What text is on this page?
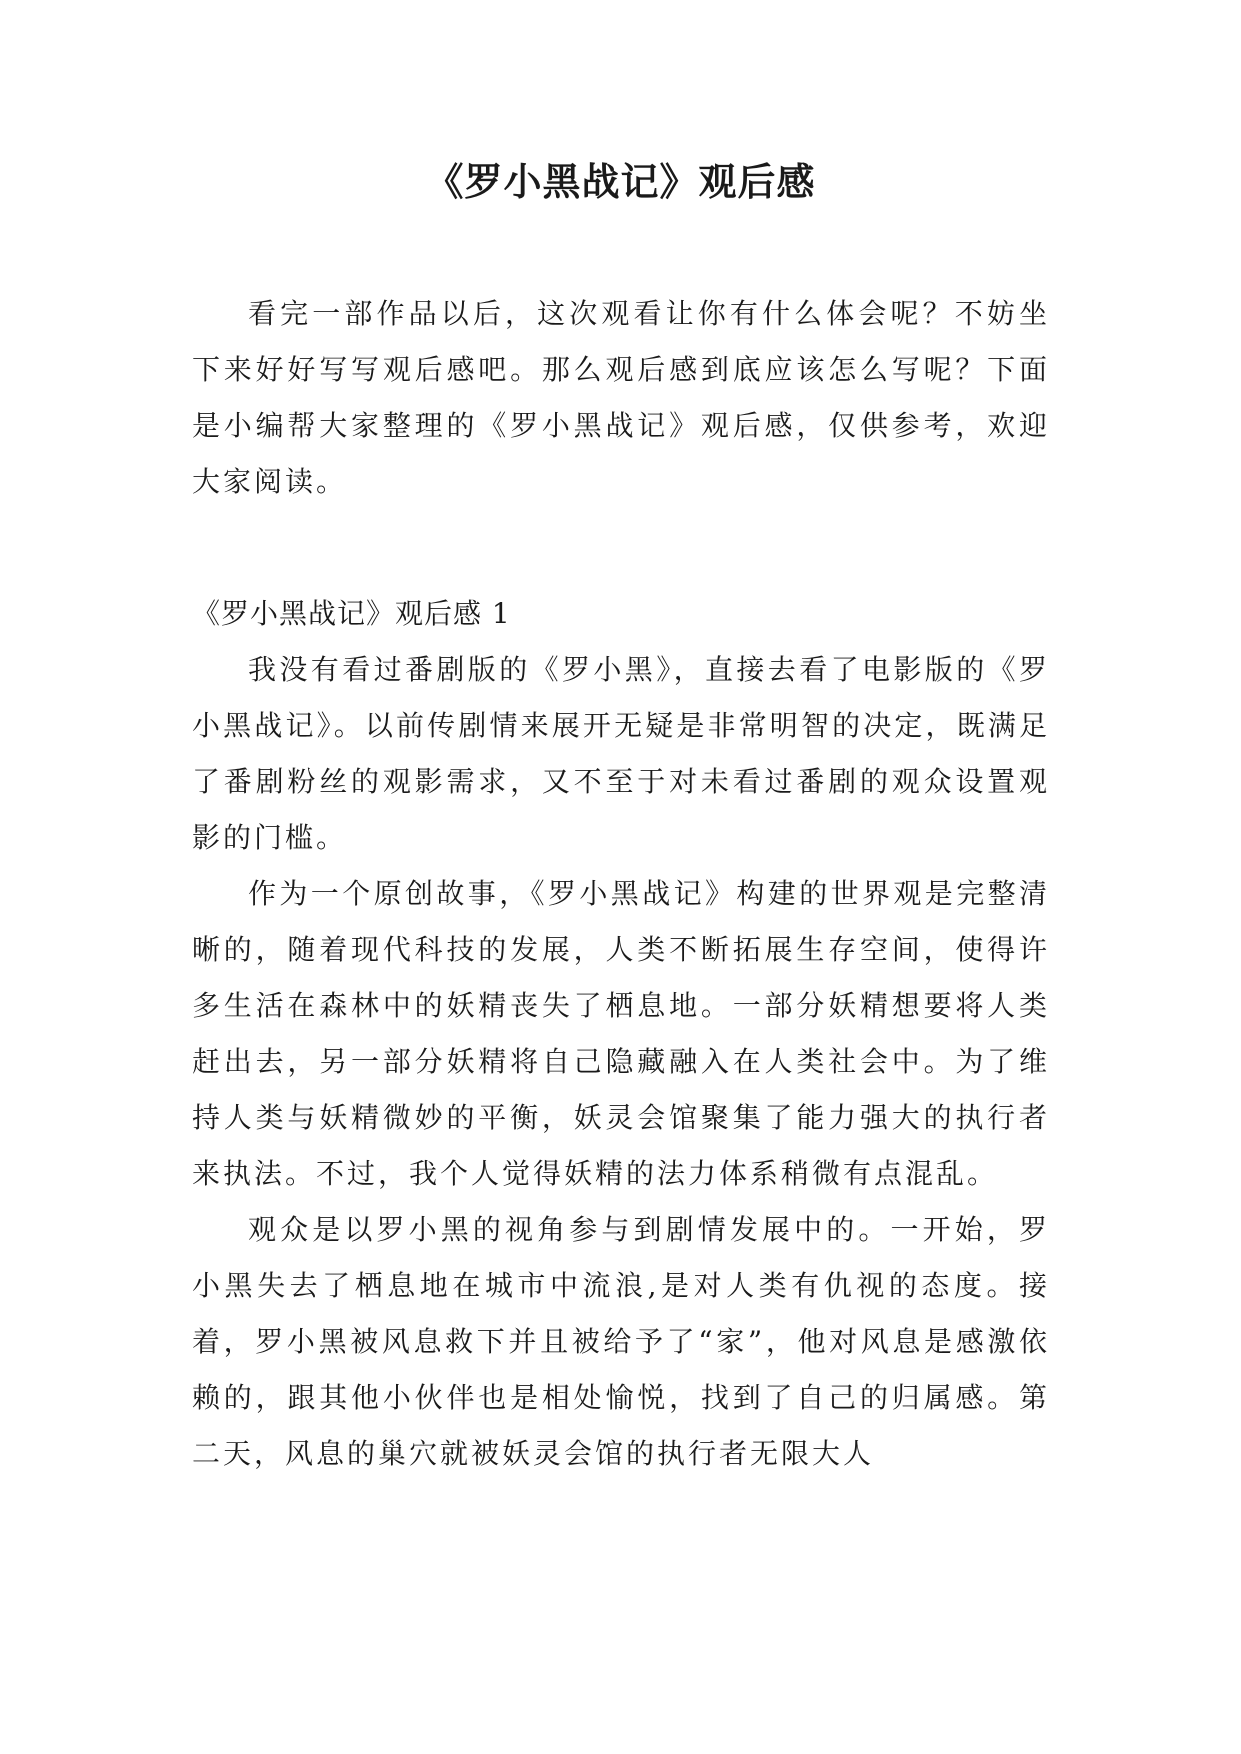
《罗小黑战记》观后感

看完一部作品以后，这次观看让你有什么体会呢？不妨坐下来好好写写观后感吧。那么观后感到底应该怎么写呢？下面是小编帮大家整理的《罗小黑战记》观后感，仅供参考，欢迎大家阅读。

《罗小黑战记》观后感 1

我没有看过番剧版的《罗小黑》，直接去看了电影版的《罗小黑战记》。以前传剧情来展开无疑是非常明智的决定，既满足了番剧粉丝的观影需求，又不至于对未看过番剧的观众设置观影的门槛。

作为一个原创故事，《罗小黑战记》构建的世界观是完整清晰的，随着现代科技的发展，人类不断拓展生存空间，使得许多生活在森林中的妖精丧失了栖息地。一部分妖精想要将人类赶出去，另一部分妖精将自己隐藏融入在人类社会中。为了维持人类与妖精微妙的平衡，妖灵会馆聚集了能力强大的执行者来执法。不过，我个人觉得妖精的法力体系稍微有点混乱。

观众是以罗小黑的视角参与到剧情发展中的。一开始，罗小黑失去了栖息地在城市中流浪,是对人类有仇视的态度。接着，罗小黑被风息救下并且被给予了“家”，他对风息是感激依赖的，跟其他小伙伴也是相处愉悦，找到了自己的归属感。第二天，风息的巢穴就被妖灵会馆的执行者无限大人
